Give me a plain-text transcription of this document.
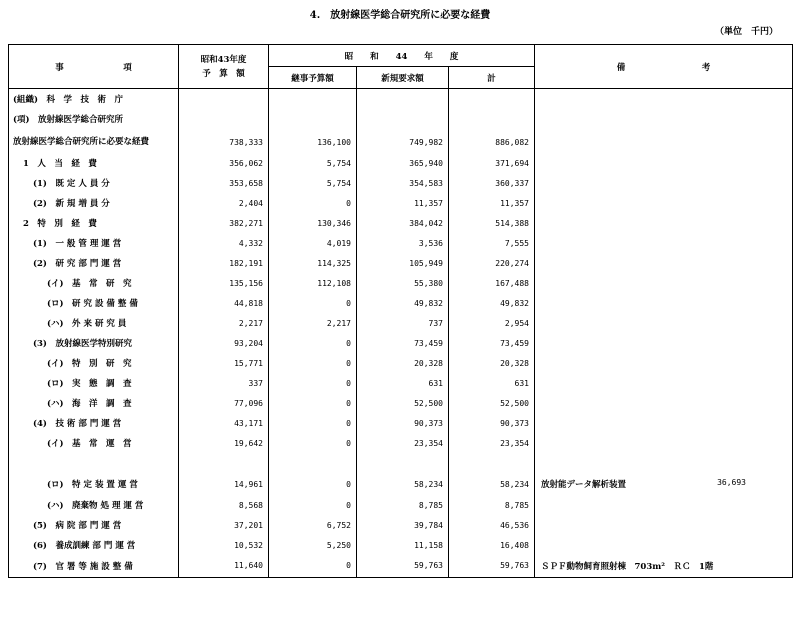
4.　放射線医学総合研究所に必要な経費
（単位　千円）
事　　　　　　　項	昭和43年度
予　算　額	昭　　和　　44　　年　　度			備　　　　　　　　　考
		継事予算額	新規要求額	計	
(組織)　科　学　技　術　庁					
(項)　放射線医学総合研究所					
放射線医学総合研究所に必要な経費	738,333	136,100	749,982	886,082	
1　人　当　経　費	356,062	5,754	365,940	371,694	
(1)　既 定 人 員 分	353,658	5,754	354,583	360,337	
(2)　新 規 増 員 分	2,404	0	11,357	11,357	
2　特　別　経　費	382,271	130,346	384,042	514,388	
(1)　一 般 管 理 運 営	4,332	4,019	3,536	7,555	
(2)　研 究 部 門 運 営	182,191	114,325	105,949	220,274	
(イ)　基　常　研　究	135,156	112,108	55,380	167,488	
(ロ)　研 究 設 備 整 備	44,818	0	49,832	49,832	
(ハ)　外 来 研 究 員	2,217	2,217	737	2,954	
(3)　放射線医学特別研究	93,204	0	73,459	73,459	
(イ)　特　別　研　究	15,771	0	20,328	20,328	
(ロ)　実　態　調　査	337	0	631	631	
(ハ)　海　洋　調　査	77,096	0	52,500	52,500	
(4)　技 術 部 門 運 営	43,171	0	90,373	90,373	
(イ)　基　常　運　営	19,642	0	23,354	23,354	

(ロ)　特 定 装 置 運 営	14,961	0	58,234	58,234	放射能データ解析装置 36,693

(ハ)　廃棄物 処 理 運 営	8,568	0	8,785	8,785	
(5)　病 院 部 門 運 営	37,201	6,752	39,784	46,536	
(6)　養成訓練 部 門 運 営	10,532	5,250	11,158	16,408	
(7)　官 署 等 施 設 整 備	11,640	0	59,763	59,763	ＳＰＦ動物飼育照射棟　703m²　ＲＣ　1階
